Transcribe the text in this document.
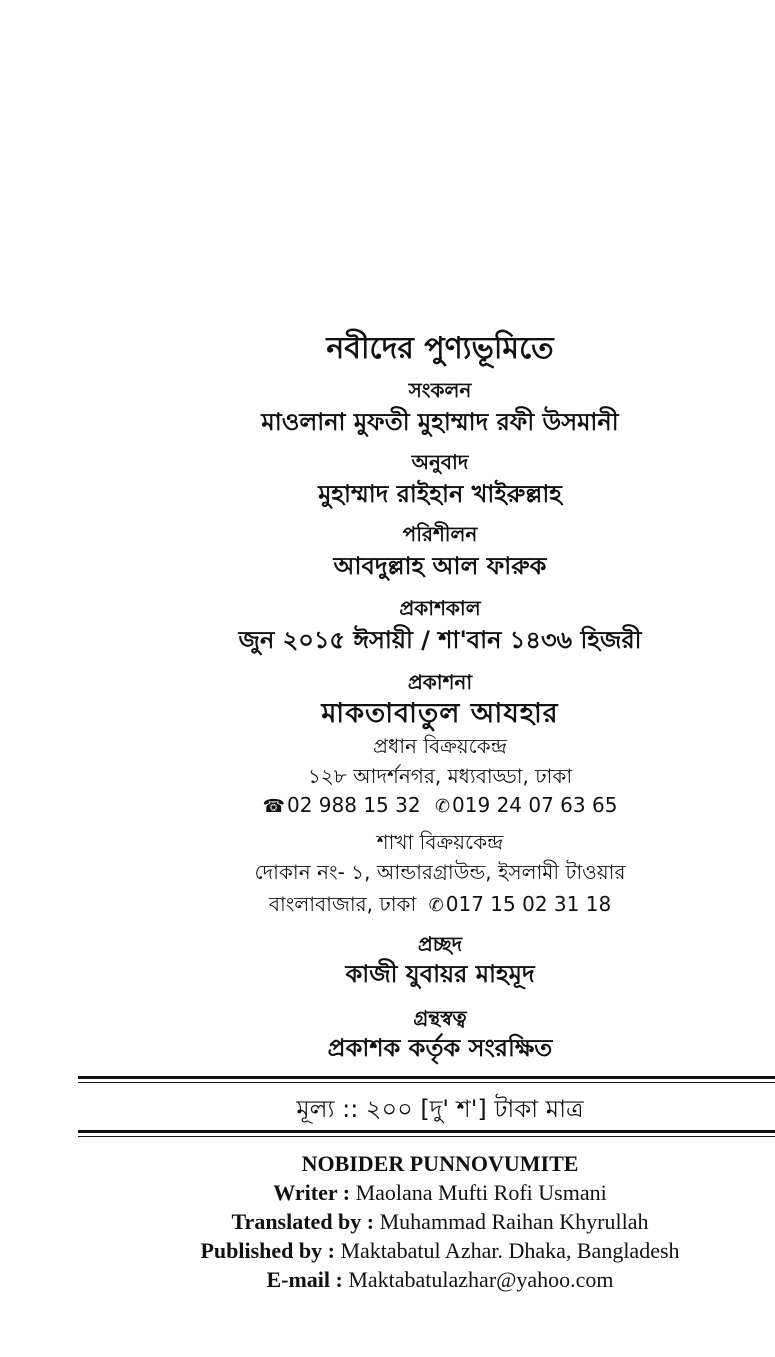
নবীদের পুণ্যভূমিতে
সংকলন
মাওলানা মুফতী মুহাম্মাদ রফী উসমানী
অনুবাদ
মুহাম্মাদ রাইহান খাইরুল্লাহ
পরিশীলন
আবদুল্লাহ আল ফারুক
প্রকাশকাল
জুন ২০১৫ ঈসায়ী / শা'বান ১৪৩৬ হিজরী
প্রকাশনা
মাকতাবাতুল আযহার
প্রধান বিক্রয়কেন্দ্র
১২৮ আদর্শনগর, মধ্যবাড্ডা, ঢাকা
☎ 02 988 15 32 ✆ 019 24 07 63 65
শাখা বিক্রয়কেন্দ্র
দোকান নং- ১, আন্ডারগ্রাউন্ড, ইসলামী টাওয়ার
বাংলাবাজার, ঢাকা ✆ 017 15 02 31 18
প্রচ্ছদ
কাজী যুবায়র মাহমূদ
গ্রন্থস্বত্ব
প্রকাশক কর্তৃক সংরক্ষিত
মূল্য :: ২০০ [দু' শ'] টাকা মাত্র
NOBIDER PUNNOVUMITE
Writer : Maolana Mufti Rofi Usmani
Translated by : Muhammad Raihan Khyrullah
Published by : Maktabatul Azhar. Dhaka, Bangladesh
E-mail : Maktabatulazhar@yahoo.com
